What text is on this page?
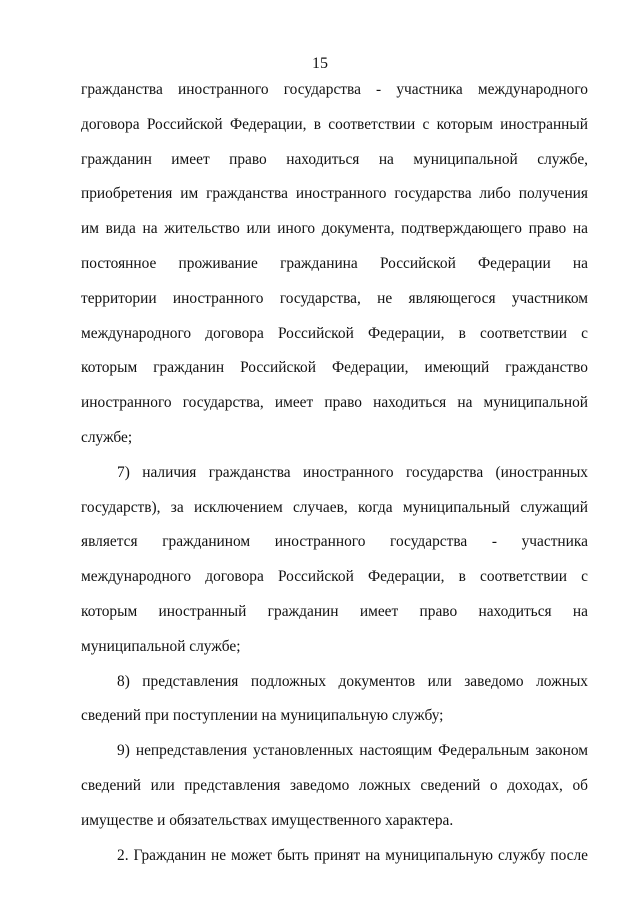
15
гражданства иностранного государства - участника международного
договора Российской Федерации, в соответствии с которым иностранный
гражданин имеет право находиться на муниципальной службе,
приобретения им гражданства иностранного государства либо получения
им вида на жительство или иного документа, подтверждающего право на
постоянное проживание гражданина Российской Федерации на
территории иностранного государства, не являющегося участником
международного договора Российской Федерации, в соответствии с
которым гражданин Российской Федерации, имеющий гражданство
иностранного государства, имеет право находиться на муниципальной
службе;
7) наличия гражданства иностранного государства (иностранных
государств), за исключением случаев, когда муниципальный служащий
является гражданином иностранного государства - участника
международного договора Российской Федерации, в соответствии с
которым иностранный гражданин имеет право находиться на
муниципальной службе;
8) представления подложных документов или заведомо ложных
сведений при поступлении на муниципальную службу;
9) непредставления установленных настоящим Федеральным законом
сведений или представления заведомо ложных сведений о доходах, об
имуществе и обязательствах имущественного характера.
2. Гражданин не может быть принят на муниципальную службу после
